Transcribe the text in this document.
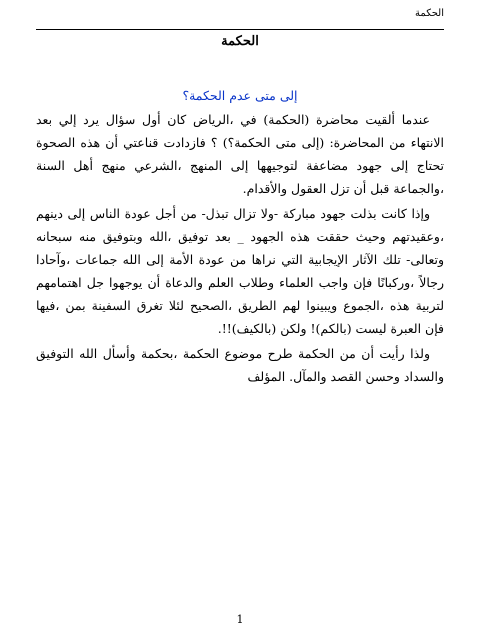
الحكمة
الحكمة
إلى متى عدم الحكمة؟

عندما ألقيت محاضرة (الحكمة) في ،الرياض كان أول سؤال يرد إلي بعد الانتهاء من المحاضرة: (إلى متى الحكمة؟) ؟ فازدادت قناعتي أن هذه الصحوة تحتاج إلى جهود مضاعفة لتوجيهها إلى المنهج ،الشرعي منهج أهل السنة ،والجماعة قبل أن تزل العقول والأقدام.

وإذا كانت بذلت جهود مباركة -ولا تزال تبذل- من أجل عودة الناس إلى دينهم ،وعقيدتهم وحيث حققت هذه الجهود _ بعد توفيق ،الله وبتوفيق منه سبحانه وتعالى- تلك الآثار الإيجابية التي نراها من عودة الأمة إلى الله جماعات ،وآحادا رجالاً ،وركبانًا فإن واجب العلماء وطلاب العلم والدعاة أن يوجهوا جل اهتمامهم لتربية هذه ،الجموع ويبينوا لهم الطريق ،الصحيح لئلا تغرق السفينة بمن ،فيها فإن العبرة ليست (بالكم)! ولكن (بالكيف)!!.

ولذا رأيت أن من الحكمة طرح موضوع الحكمة ،بحكمة وأسأل الله التوفيق والسداد وحسن القصد والمآل. المؤلف

1
